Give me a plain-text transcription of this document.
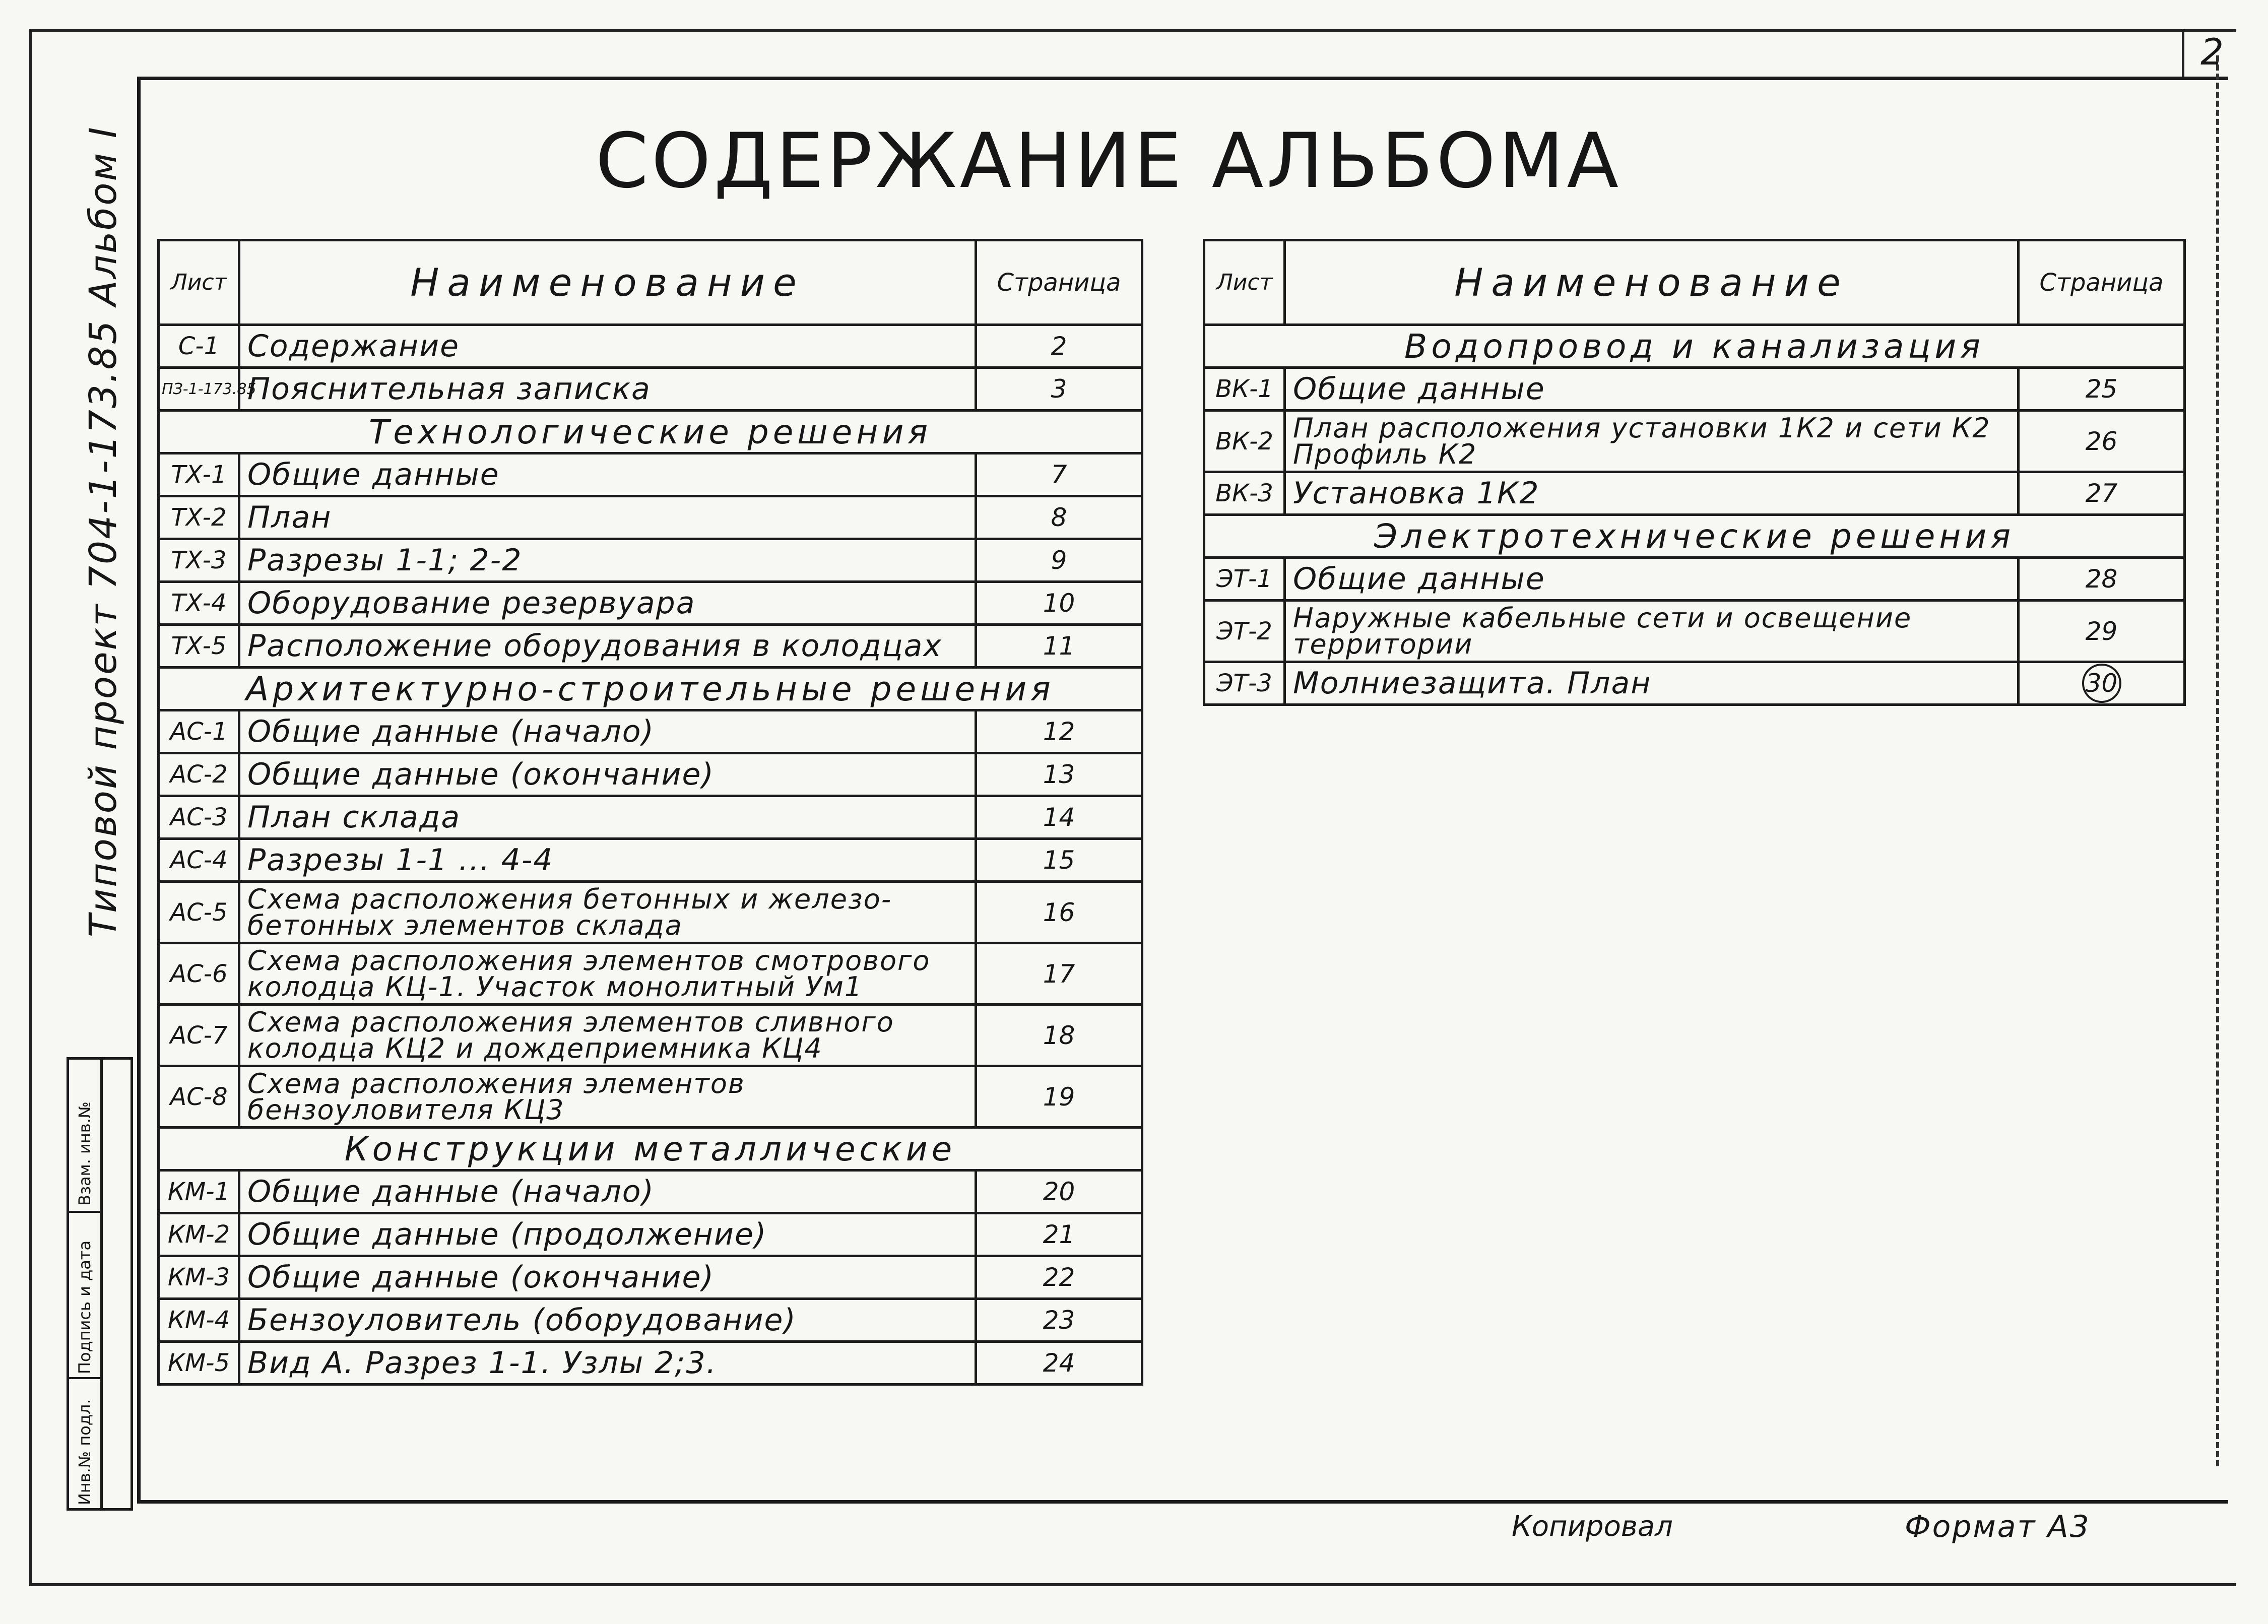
2
СОДЕРЖАНИЕ АЛЬБОМА
Типовой проект 704-1-173.85 Альбом I
Взам. инв.№
Подпись и дата
Инв.№ подл.
Лист	Наименование	Страница
С-1	Содержание	2
ПЗ-1-173.85	Пояснительная записка	3
Технологические решения		
ТХ-1	Общие данные	7
ТХ-2	План	8
ТХ-3	Разрезы 1-1; 2-2	9
ТХ-4	Оборудование резервуара	10
ТХ-5	Расположение оборудования в колодцах	11
Архитектурно-строительные решения		
АС-1	Общие данные (начало)	12
АС-2	Общие данные (окончание)	13
АС-3	План склада	14
АС-4	Разрезы 1-1 ... 4-4	15
АС-5	Схема расположения бетонных и железо-бетонных элементов склада	16
АС-6	Схема расположения элементов смотрового колодца КЦ-1. Участок монолитный Ум1	17
АС-7	Схема расположения элементов сливного колодца КЦ2 и дождеприемника КЦ4	18
АС-8	Схема расположения элементов бензоуловителя КЦ3	19
Конструкции металлические		
КМ-1	Общие данные (начало)	20
КМ-2	Общие данные (продолжение)	21
КМ-3	Общие данные (окончание)	22
КМ-4	Бензоуловитель (оборудование)	23
КМ-5	Вид А. Разрез 1-1. Узлы 2;3.	24
Лист	Наименование	Страница
Водопровод и канализация		
ВК-1	Общие данные	25
ВК-2	План расположения установки 1К2 и сети К2 Профиль К2	26
ВК-3	Установка 1К2	27
Электротехнические решения		
ЭТ-1	Общие данные	28
ЭТ-2	Наружные кабельные сети и освещение территории	29
ЭТ-3	Молниезащита. План	30
Копировал	Формат А3
